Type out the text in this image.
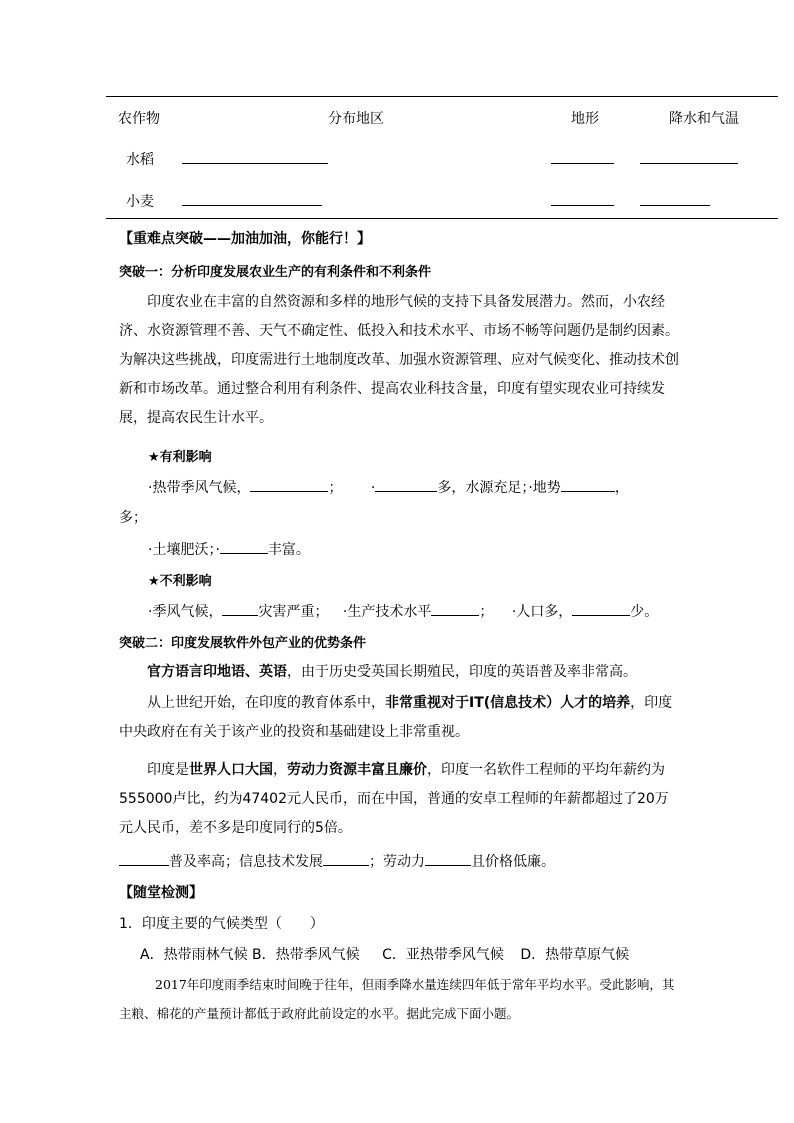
农作物	分布地区	地形	降水和气温
水稻
小麦
【重难点突破——加油加油，你能行！】
突破一：分析印度发展农业生产的有利条件和不利条件
印度农业在丰富的自然资源和多样的地形气候的支持下具备发展潜力。然而，小农经济、水资源管理不善、天气不确定性、低投入和技术水平、市场不畅等问题仍是制约因素。为解决这些挑战，印度需进行土地制度改革、加强水资源管理、应对气候变化、推动技术创新和市场改革。通过整合利用有利条件、提高农业科技含量，印度有望实现农业可持续发展，提高农民生计水平。
★有利影响
·热带季风气候，	； ·	多，水源充足；·地势	，
多；
·土壤肥沃；·	丰富。
★不利影响
·季风气候，	灾害严重； ·生产技术水平	； ·人口多，	少。
突破二：印度发展软件外包产业的优势条件
官方语言印地语、英语，由于历史受英国长期殖民，印度的英语普及率非常高。
从上世纪开始，在印度的教育体系中，非常重视对于IT(信息技术）人才的培养，印度中央政府在有关于该产业的投资和基础建设上非常重视。
印度是世界人口大国，劳动力资源丰富且廉价，印度一名软件工程师的平均年薪约为555000卢比，约为47402元人民币，而在中国，普通的安卓工程师的年薪都超过了20万元人民币，差不多是印度同行的5倍。
普及率高；信息技术发展	；劳动力	且价格低廉。
【随堂检测】
1．印度主要的气候类型（　　）
A．热带雨林气候 B．热带季风气候 C．亚热带季风气候 D．热带草原气候
2017年印度雨季结束时间晚于往年，但雨季降水量连续四年低于常年平均水平。受此影响，其主粮、棉花的产量预计都低于政府此前设定的水平。据此完成下面小题。
